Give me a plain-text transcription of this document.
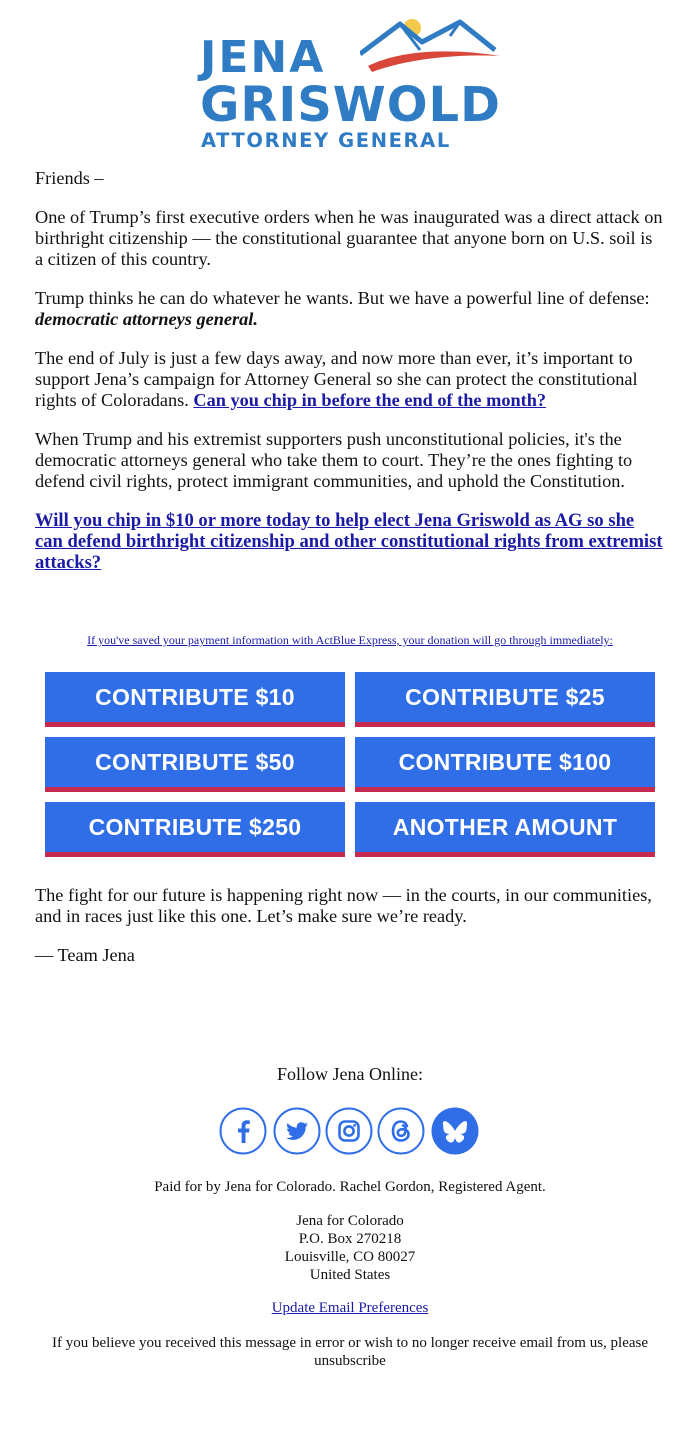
JENA
GRISWOLD
ATTORNEY GENERAL

Friends –

One of Trump’s first executive orders when he was inaugurated was a direct attack on birthright citizenship — the constitutional guarantee that anyone born on U.S. soil is a citizen of this country.

Trump thinks he can do whatever he wants. But we have a powerful line of defense: democratic attorneys general.

The end of July is just a few days away, and now more than ever, it’s important to support Jena’s campaign for Attorney General so she can protect the constitutional rights of Coloradans. Can you chip in before the end of the month?

When Trump and his extremist supporters push unconstitutional policies, it's the democratic attorneys general who take them to court. They’re the ones fighting to defend civil rights, protect immigrant communities, and uphold the Constitution.

Will you chip in $10 or more today to help elect Jena Griswold as AG so she can defend birthright citizenship and other constitutional rights from extremist attacks?

If you've saved your payment information with ActBlue Express, your donation will go through immediately:
CONTRIBUTE $10	CONTRIBUTE $25
CONTRIBUTE $50	CONTRIBUTE $100
CONTRIBUTE $250	ANOTHER AMOUNT

The fight for our future is happening right now — in the courts, in our communities, and in races just like this one. Let’s make sure we’re ready.

— Team Jena

Follow Jena Online:
Paid for by Jena for Colorado. Rachel Gordon, Registered Agent.
Jena for Colorado
P.O. Box 270218
Louisville, CO 80027
United States
Update Email Preferences
If you believe you received this message in error or wish to no longer receive email from us, please unsubscribe
